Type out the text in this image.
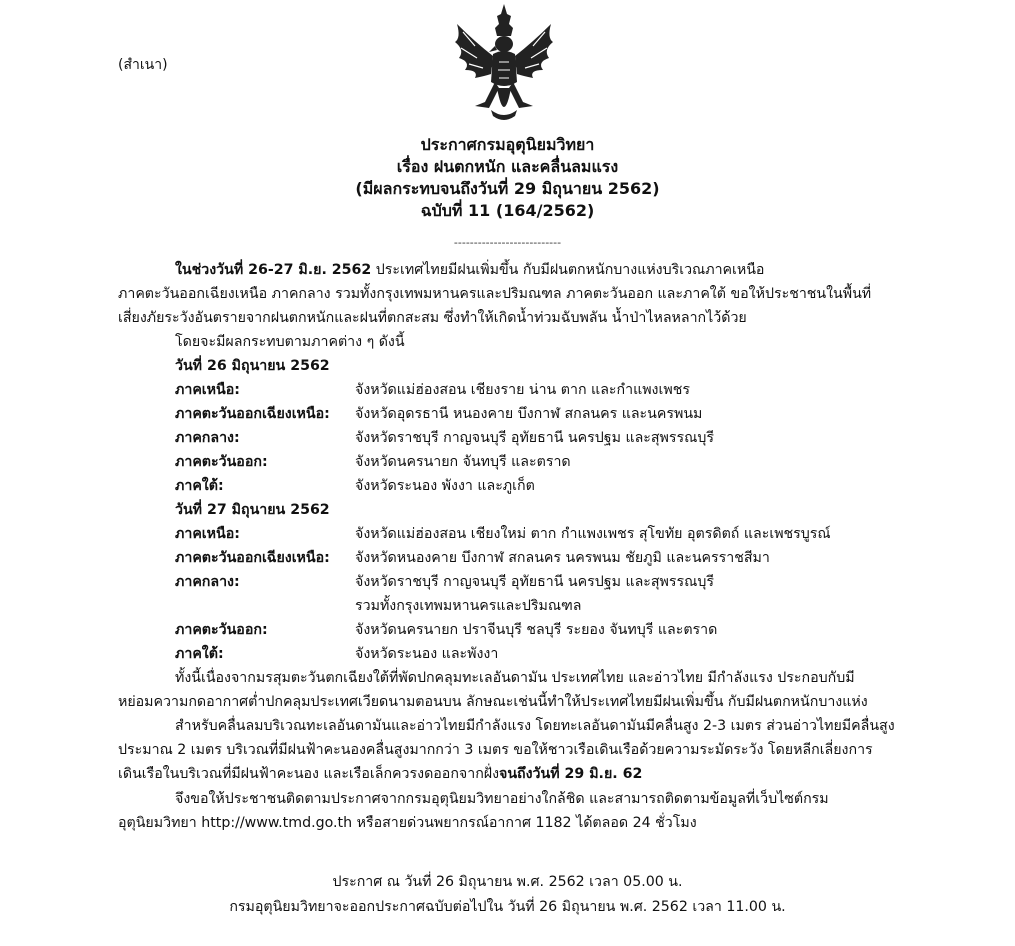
(สำเนา)
ประกาศกรมอุตุนิยมวิทยา
เรื่อง ฝนตกหนัก และคลื่นลมแรง
(มีผลกระทบจนถึงวันที่ 29 มิถุนายน 2562)
ฉบับที่ 11 (164/2562)
---------------------------
ในช่วงวันที่ 26-27 มิ.ย. 2562 ประเทศไทยมีฝนเพิ่มขึ้น กับมีฝนตกหนักบางแห่งบริเวณภาคเหนือ
ภาคตะวันออกเฉียงเหนือ ภาคกลาง รวมทั้งกรุงเทพมหานครและปริมณฑล ภาคตะวันออก และภาคใต้ ขอให้ประชาชนในพื้นที่
เสี่ยงภัยระวังอันตรายจากฝนตกหนักและฝนที่ตกสะสม ซึ่งทำให้เกิดน้ำท่วมฉับพลัน น้ำป่าไหลหลากไว้ด้วย
โดยจะมีผลกระทบตามภาคต่าง ๆ ดังนี้
วันที่ 26 มิถุนายน 2562
ภาคเหนือ:	จังหวัดแม่ฮ่องสอน เชียงราย น่าน ตาก และกำแพงเพชร
ภาคตะวันออกเฉียงเหนือ: จังหวัดอุดรธานี หนองคาย บึงกาฬ สกลนคร และนครพนม
ภาคกลาง:	จังหวัดราชบุรี กาญจนบุรี อุทัยธานี นครปฐม และสุพรรณบุรี
ภาคตะวันออก:	จังหวัดนครนายก จันทบุรี และตราด
ภาคใต้:	จังหวัดระนอง พังงา และภูเก็ต
วันที่ 27 มิถุนายน 2562
ภาคเหนือ:	จังหวัดแม่ฮ่องสอน เชียงใหม่ ตาก กำแพงเพชร สุโขทัย อุตรดิตถ์ และเพชรบูรณ์
ภาคตะวันออกเฉียงเหนือ: จังหวัดหนองคาย บึงกาฬ สกลนคร นครพนม ชัยภูมิ และนครราชสีมา
ภาคกลาง:	จังหวัดราชบุรี กาญจนบุรี อุทัยธานี นครปฐม และสุพรรณบุรี
รวมทั้งกรุงเทพมหานครและปริมณฑล
ภาคตะวันออก:	จังหวัดนครนายก ปราจีนบุรี ชลบุรี ระยอง จันทบุรี และตราด
ภาคใต้:	จังหวัดระนอง และพังงา
ทั้งนี้เนื่องจากมรสุมตะวันตกเฉียงใต้ที่พัดปกคลุมทะเลอันดามัน ประเทศไทย และอ่าวไทย มีกำลังแรง ประกอบกับมี
หย่อมความกดอากาศต่ำปกคลุมประเทศเวียดนามตอนบน ลักษณะเช่นนี้ทำให้ประเทศไทยมีฝนเพิ่มขึ้น กับมีฝนตกหนักบางแห่ง
สำหรับคลื่นลมบริเวณทะเลอันดามันและอ่าวไทยมีกำลังแรง โดยทะเลอันดามันมีคลื่นสูง 2-3 เมตร ส่วนอ่าวไทยมีคลื่นสูง
ประมาณ 2 เมตร บริเวณที่มีฝนฟ้าคะนองคลื่นสูงมากกว่า 3 เมตร ขอให้ชาวเรือเดินเรือด้วยความระมัดระวัง โดยหลีกเลี่ยงการ
เดินเรือในบริเวณที่มีฝนฟ้าคะนอง และเรือเล็กควรงดออกจากฝั่งจนถึงวันที่ 29 มิ.ย. 62
จึงขอให้ประชาชนติดตามประกาศจากกรมอุตุนิยมวิทยาอย่างใกล้ชิด และสามารถติดตามข้อมูลที่เว็บไซต์กรม
อุตุนิยมวิทยา http://www.tmd.go.th หรือสายด่วนพยากรณ์อากาศ 1182 ได้ตลอด 24 ชั่วโมง
ประกาศ ณ วันที่ 26 มิถุนายน พ.ศ. 2562 เวลา 05.00 น.
กรมอุตุนิยมวิทยาจะออกประกาศฉบับต่อไปใน วันที่ 26 มิถุนายน พ.ศ. 2562 เวลา 11.00 น.
